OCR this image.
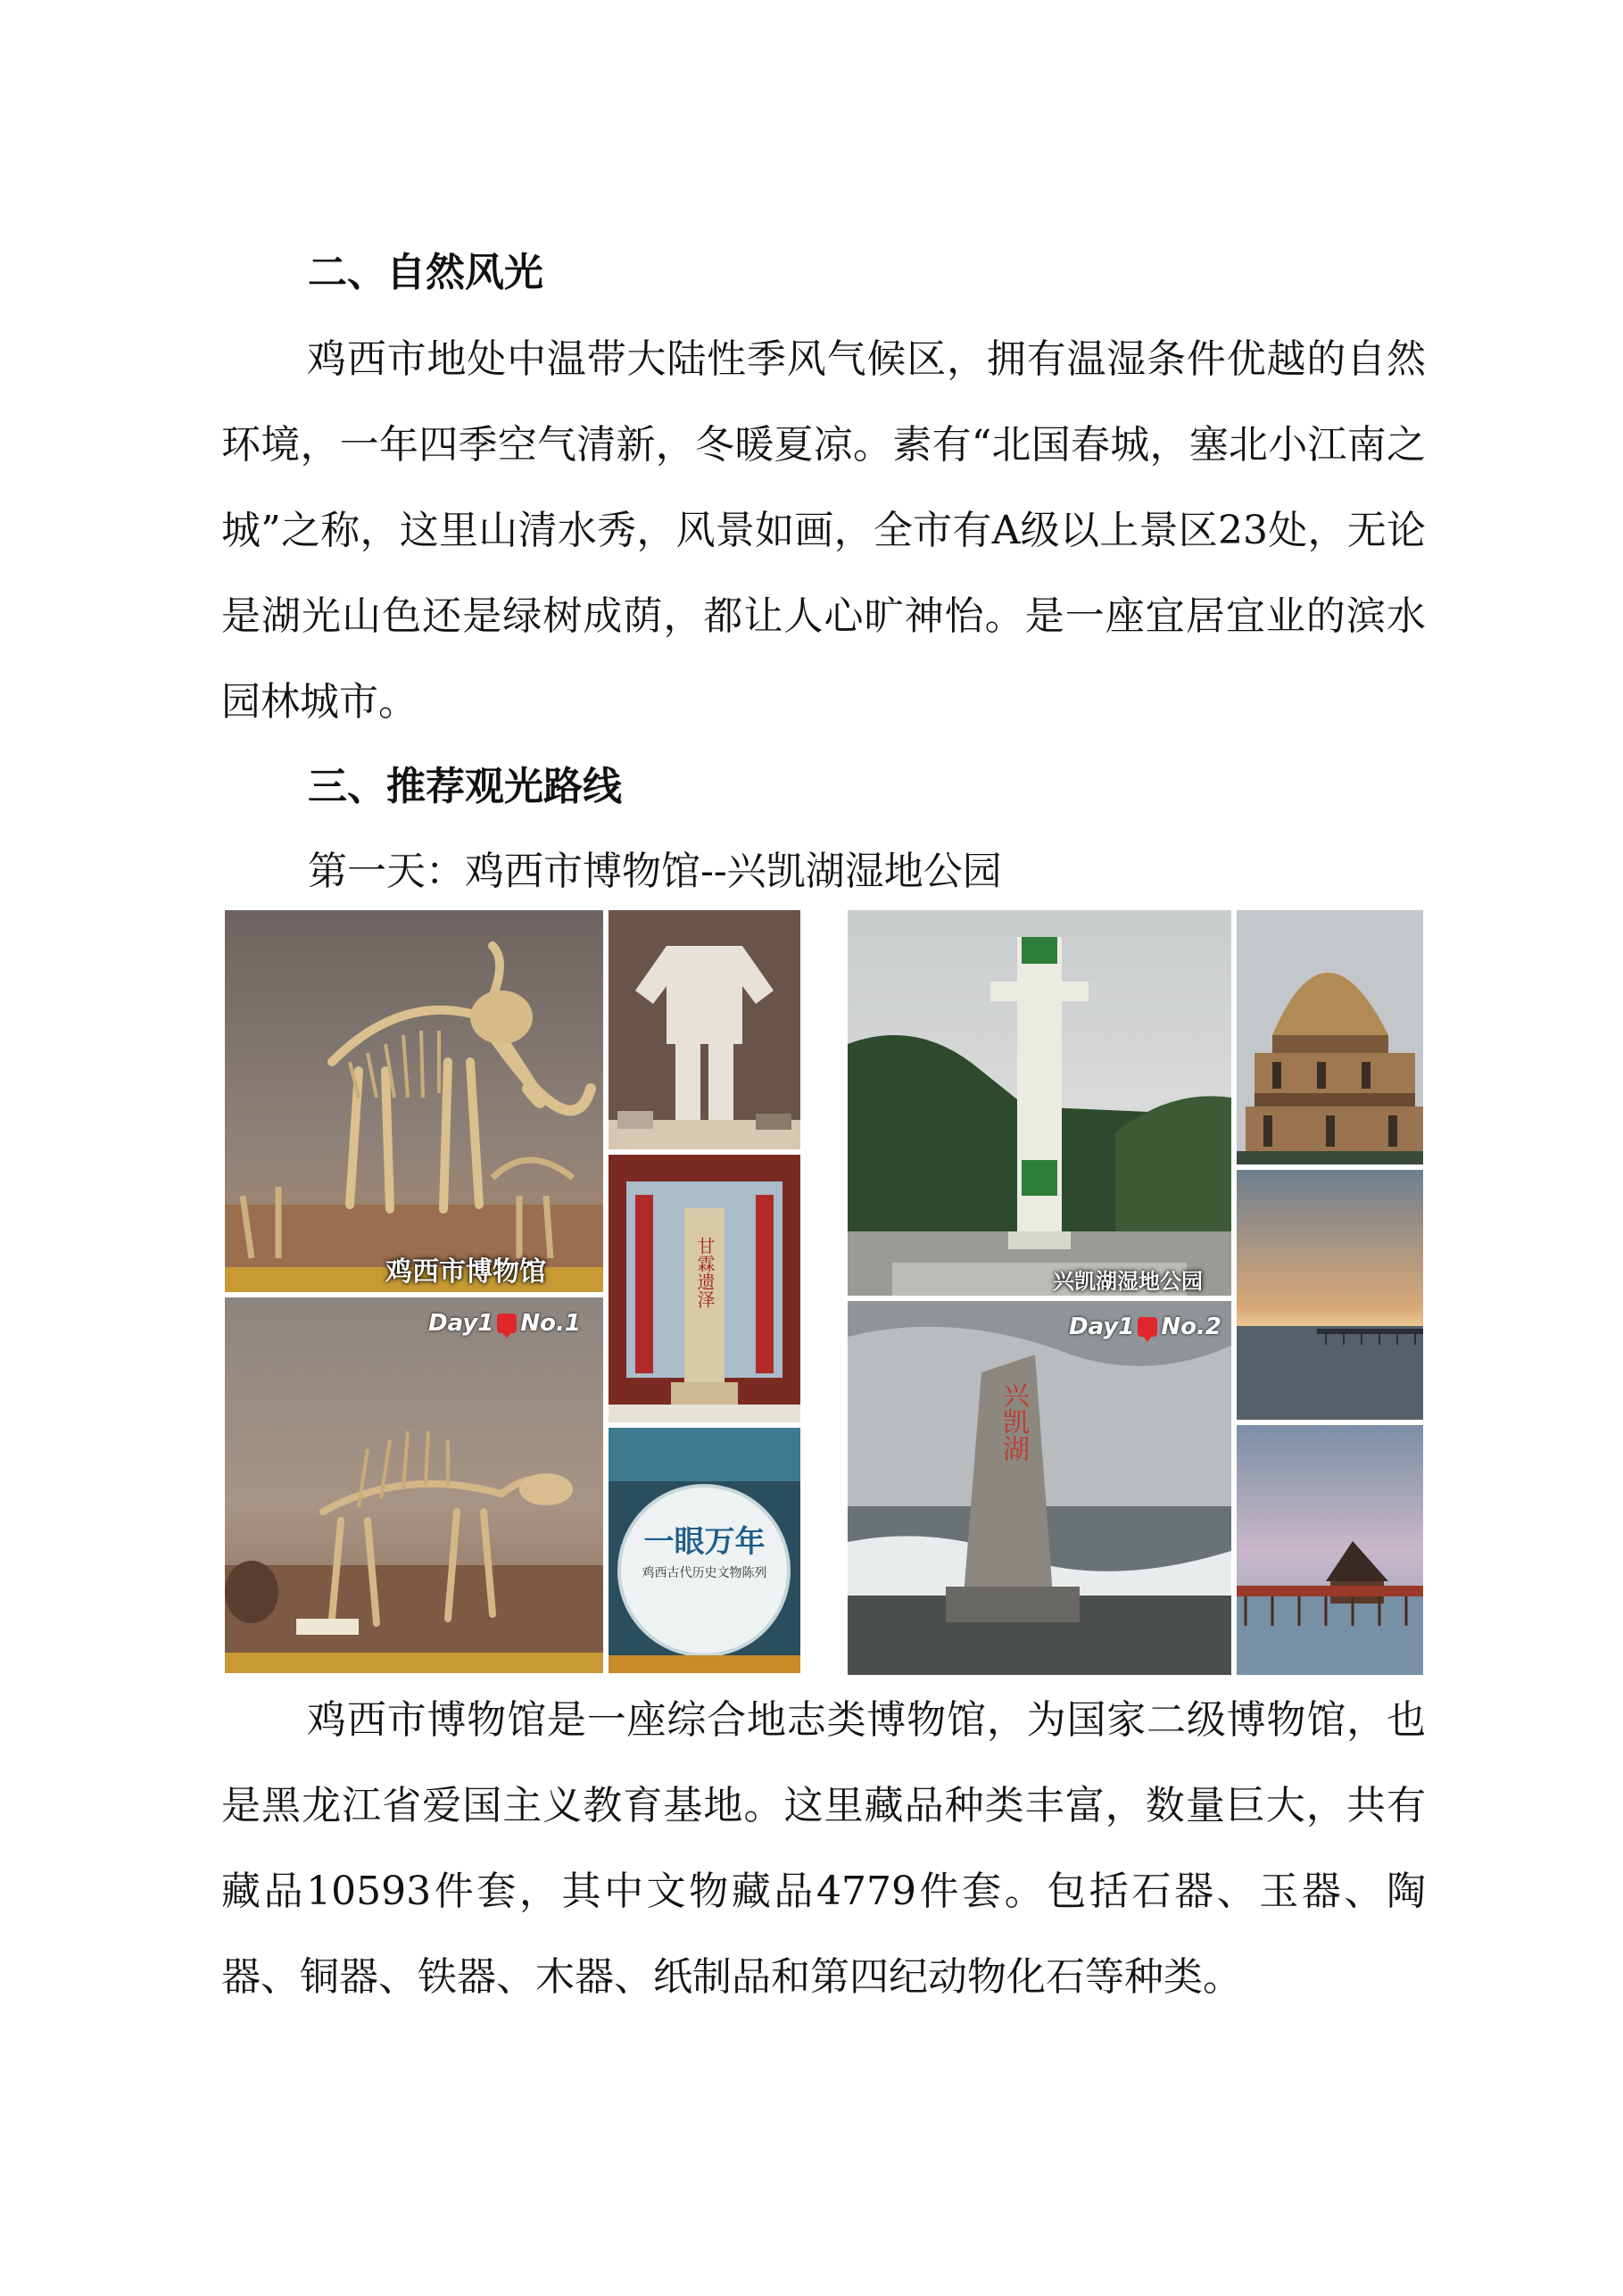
二、自然风光

鸡西市地处中温带大陆性季风气候区，拥有温湿条件优越的自然环境，一年四季空气清新，冬暖夏凉。素有“北国春城，塞北小江南之城”之称，这里山清水秀，风景如画，全市有A级以上景区23处，无论是湖光山色还是绿树成荫，都让人心旷神怡。是一座宜居宜业的滨水园林城市。

三、推荐观光路线

第一天：鸡西市博物馆--兴凯湖湿地公园

鸡西市博物馆	甘霖遗泽
Day1 No.1
一眼万年
鸡西古代历史文物陈列
兴凯湖湿地公园
兴凯湖
Day1 No.2

鸡西市博物馆是一座综合地志类博物馆，为国家二级博物馆，也是黑龙江省爱国主义教育基地。这里藏品种类丰富，数量巨大，共有藏品10593件套，其中文物藏品4779件套。包括石器、玉器、陶器、铜器、铁器、木器、纸制品和第四纪动物化石等种类。
